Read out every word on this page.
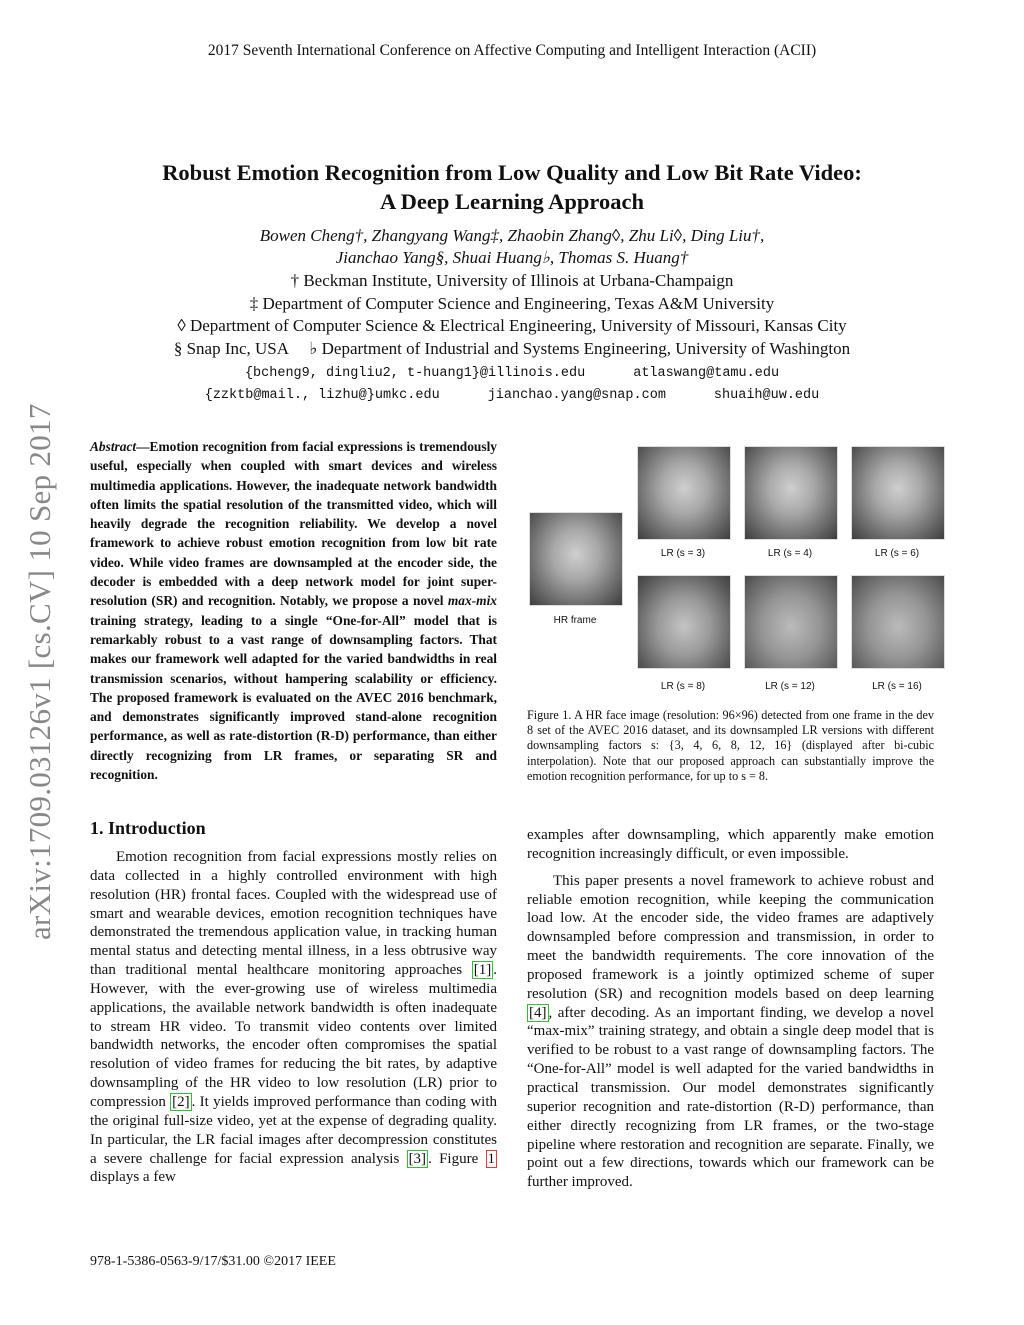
2017 Seventh International Conference on Affective Computing and Intelligent Interaction (ACII)
Robust Emotion Recognition from Low Quality and Low Bit Rate Video:
A Deep Learning Approach
Bowen Cheng†, Zhangyang Wang‡, Zhaobin Zhang◊, Zhu Li◊, Ding Liu†,
Jianchao Yang§, Shuai Huang♭, Thomas S. Huang†
† Beckman Institute, University of Illinois at Urbana-Champaign
‡ Department of Computer Science and Engineering, Texas A&M University
◊ Department of Computer Science & Electrical Engineering, University of Missouri, Kansas City
§ Snap Inc, USA     ♭ Department of Industrial and Systems Engineering, University of Washington
{bcheng9, dingliu2, t-huang1}@illinois.edu	atlaswang@tamu.edu
{zzktb@mail., lizhu@}umkc.edu	jianchao.yang@snap.com	shuaih@uw.edu
arXiv:1709.03126v1 [cs.CV] 10 Sep 2017 Abstract—Emotion recognition from facial expressions is tremendously useful, especially when coupled with smart devices and wireless multimedia applications. However, the inadequate network bandwidth often limits the spatial resolution of the transmitted video, which will heavily degrade the recognition reliability. We develop a novel framework to achieve robust emotion recognition from low bit rate video. While video frames are downsampled at the encoder side, the decoder is embedded with a deep network model for joint super-resolution (SR) and recognition. Notably, we propose a novel max-mix training strategy, leading to a single “One-for-All” model that is remarkably robust to a vast range of downsampling factors. That makes our framework well adapted for the varied bandwidths in real transmission scenarios, without hampering scalability or efficiency. The proposed framework is evaluated on the AVEC 2016 benchmark, and demonstrates significantly improved stand-alone recognition performance, as well as rate-distortion (R-D) performance, than either directly recognizing from LR frames, or separating SR and recognition.
1. Introduction

Emotion recognition from facial expressions mostly relies on data collected in a highly controlled environment with high resolution (HR) frontal faces. Coupled with the widespread use of smart and wearable devices, emotion recognition techniques have demonstrated the tremendous application value, in tracking human mental status and detecting mental illness, in a less obtrusive way than traditional mental healthcare monitoring approaches [1] . However, with the ever-growing use of wireless multimedia applications, the available network bandwidth is often inadequate to stream HR video. To transmit video contents over limited bandwidth networks, the encoder often compromises the spatial resolution of video frames for reducing the bit rates, by adaptive downsampling of the HR video to low resolution (LR) prior to compression [2] . It yields improved performance than coding with the original full-size video, yet at the expense of degrading quality. In particular, the LR facial images after decompression constitutes a severe challenge for facial expression analysis [3] . Figure 1 displays a few

examples after downsampling, which apparently make emotion recognition increasingly difficult, or even impossible.

This paper presents a novel framework to achieve robust and reliable emotion recognition, while keeping the communication load low. At the encoder side, the video frames are adaptively downsampled before compression and transmission, in order to meet the bandwidth requirements. The core innovation of the proposed framework is a jointly optimized scheme of super resolution (SR) and recognition models based on deep learning [4] , after decoding. As an important finding, we develop a novel “max-mix” training strategy, and obtain a single deep model that is verified to be robust to a vast range of downsampling factors. The “One-for-All” model is well adapted for the varied bandwidths in practical transmission. Our model demonstrates significantly superior recognition and rate-distortion (R-D) performance, than either directly recognizing from LR frames, or the two-stage pipeline where restoration and recognition are separate. Finally, we point out a few directions, towards which our framework can be further improved.

HR frame
LR (s = 3)	LR (s = 4)	LR (s = 6)
LR (s = 8)	LR (s = 12)	LR (s = 16)
Figure 1. A HR face image (resolution: 96×96) detected from one frame in the dev 8 set of the AVEC 2016 dataset, and its downsampled LR versions with different downsampling factors s: {3, 4, 6, 8, 12, 16} (displayed after bi-cubic interpolation). Note that our proposed approach can substantially improve the emotion recognition performance, for up to s = 8.
978-1-5386-0563-9/17/$31.00 ©2017 IEEE
